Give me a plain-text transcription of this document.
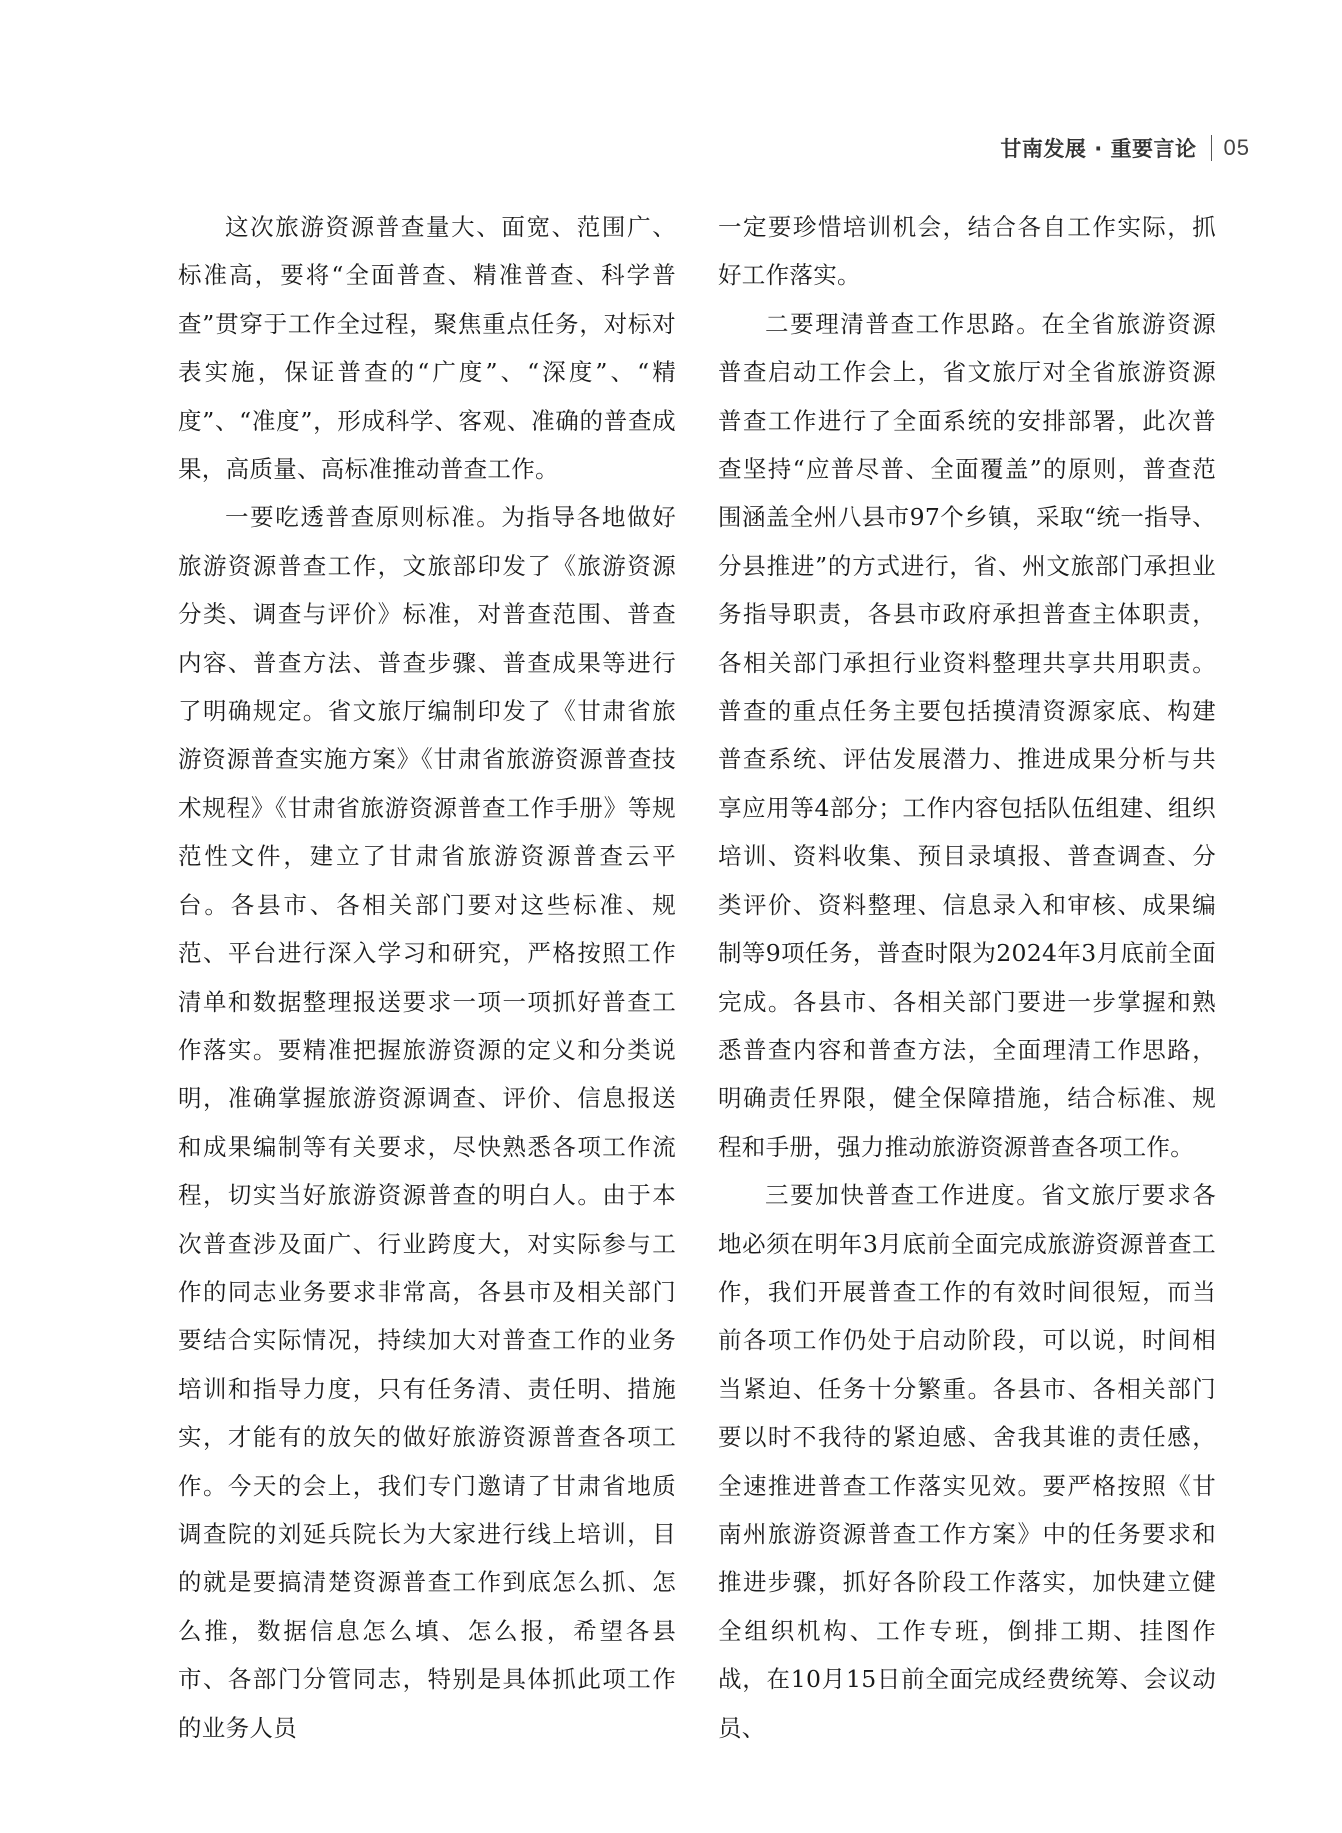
甘南发展 · 重要言论 05

这次旅游资源普查量大、面宽、范围广、标准高，要将“全面普查、精准普查、科学普查”贯穿于工作全过程，聚焦重点任务，对标对表实施，保证普查的“广度”、“深度”、“精度”、“准度”，形成科学、客观、准确的普查成果，高质量、高标准推动普查工作。

一要吃透普查原则标准。为指导各地做好旅游资源普查工作，文旅部印发了《旅游资源分类、调查与评价》标准，对普查范围、普查内容、普查方法、普查步骤、普查成果等进行了明确规定。省文旅厅编制印发了《甘肃省旅游资源普查实施方案》《甘肃省旅游资源普查技术规程》《甘肃省旅游资源普查工作手册》等规范性文件，建立了甘肃省旅游资源普查云平台。各县市、各相关部门要对这些标准、规范、平台进行深入学习和研究，严格按照工作清单和数据整理报送要求一项一项抓好普查工作落实。要精准把握旅游资源的定义和分类说明，准确掌握旅游资源调查、评价、信息报送和成果编制等有关要求，尽快熟悉各项工作流程，切实当好旅游资源普查的明白人。由于本次普查涉及面广、行业跨度大，对实际参与工作的同志业务要求非常高，各县市及相关部门要结合实际情况，持续加大对普查工作的业务培训和指导力度，只有任务清、责任明、措施实，才能有的放矢的做好旅游资源普查各项工作。今天的会上，我们专门邀请了甘肃省地质调查院的刘延兵院长为大家进行线上培训，目的就是要搞清楚资源普查工作到底怎么抓、怎么推，数据信息怎么填、怎么报，希望各县市、各部门分管同志，特别是具体抓此项工作的业务人员

一定要珍惜培训机会，结合各自工作实际，抓好工作落实。

二要理清普查工作思路。在全省旅游资源普查启动工作会上，省文旅厅对全省旅游资源普查工作进行了全面系统的安排部署，此次普查坚持“应普尽普、全面覆盖”的原则，普查范围涵盖全州八县市97个乡镇，采取“统一指导、分县推进”的方式进行，省、州文旅部门承担业务指导职责，各县市政府承担普查主体职责，各相关部门承担行业资料整理共享共用职责。普查的重点任务主要包括摸清资源家底、构建普查系统、评估发展潜力、推进成果分析与共享应用等4部分；工作内容包括队伍组建、组织培训、资料收集、预目录填报、普查调查、分类评价、资料整理、信息录入和审核、成果编制等9项任务，普查时限为2024年3月底前全面完成。各县市、各相关部门要进一步掌握和熟悉普查内容和普查方法，全面理清工作思路，明确责任界限，健全保障措施，结合标准、规程和手册，强力推动旅游资源普查各项工作。

三要加快普查工作进度。省文旅厅要求各地必须在明年3月底前全面完成旅游资源普查工作，我们开展普查工作的有效时间很短，而当前各项工作仍处于启动阶段，可以说，时间相当紧迫、任务十分繁重。各县市、各相关部门要以时不我待的紧迫感、舍我其谁的责任感，全速推进普查工作落实见效。要严格按照《甘南州旅游资源普查工作方案》中的任务要求和推进步骤，抓好各阶段工作落实，加快建立健全组织机构、工作专班，倒排工期、挂图作战，在10月15日前全面完成经费统筹、会议动员、
